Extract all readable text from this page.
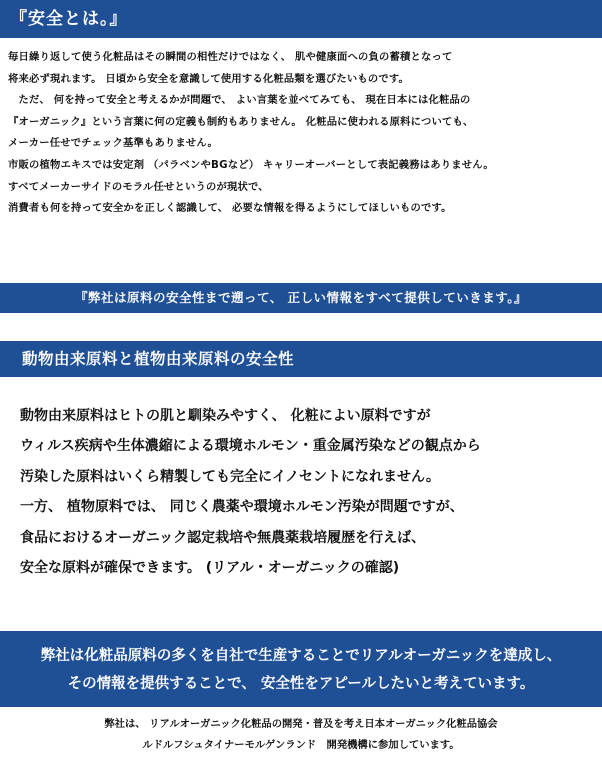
『安全とは。』
毎日繰り返して使う化粧品はその瞬間の相性だけではなく、 肌や健康面への負の蓄積となって
将来必ず現れます。 日頃から安全を意識して使用する化粧品類を選びたいものです。
　ただ、 何を持って安全と考えるかが問題で、 よい言葉を並べてみても、 現在日本には化粧品の
『オーガニック』という言葉に何の定義も制約もありません。 化粧品に使われる原料についても、
メーカー任せでチェック基準もありません。
市販の植物エキスでは安定剤 （パラベンやBGなど） キャリーオーバーとして表記義務はありません。
すべてメーカーサイドのモラル任せというのが現状で、
消費者も何を持って安全かを正しく認識して、 必要な情報を得るようにしてほしいものです。
『弊社は原料の安全性まで遡って、 正しい情報をすべて提供していきます。』
動物由来原料と植物由来原料の安全性
動物由来原料はヒトの肌と馴染みやすく、 化粧によい原料ですが
ウィルス疾病や生体濃縮による環境ホルモン・重金属汚染などの観点から
汚染した原料はいくら精製しても完全にイノセントになれません。
一方、 植物原料では、 同じく農薬や環境ホルモン汚染が問題ですが、
食品におけるオーガニック認定栽培や無農薬栽培履歴を行えば、
安全な原料が確保できます。 (リアル・オーガニックの確認)
弊社は化粧品原料の多くを自社で生産することでリアルオーガニックを達成し、
その情報を提供することで、 安全性をアピールしたいと考えています。
弊社は、 リアルオーガニック化粧品の開発・普及を考え日本オーガニック化粧品協会
ルドルフシュタイナーモルゲンランド　開発機構に参加しています。
